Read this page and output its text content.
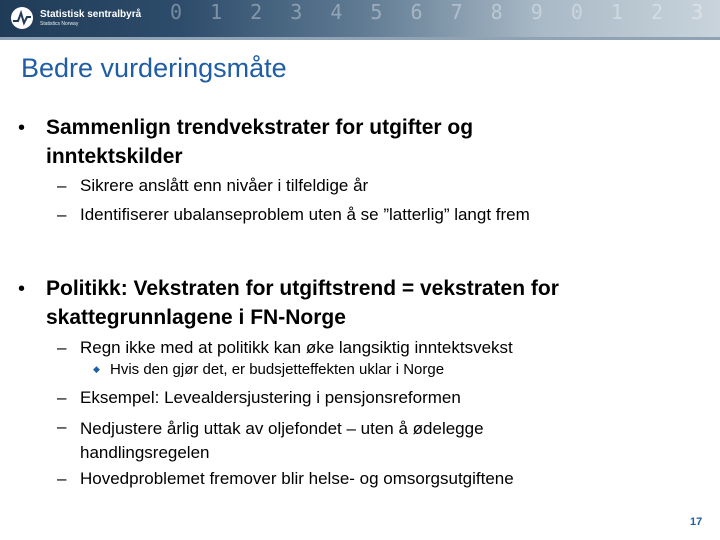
0 1 2 3 4 5 6 7 8 9 0 1 2 3
Statistisk sentralbyrå
Statistics Norway
Bedre vurderingsmåte
• Sammenlign trendvekstrater for utgifter og inntektskilder
– Sikrere anslått enn nivåer i tilfeldige år
– Identifiserer ubalanseproblem uten å se ”latterlig” langt frem
• Politikk: Vekstraten for utgiftstrend = vekstraten for skattegrunnlagene i FN-Norge
– Regn ikke med at politikk kan øke langsiktig inntektsvekst
◆ Hvis den gjør det, er budsjetteffekten uklar i Norge
– Eksempel: Levealdersjustering i pensjonsreformen
– Nedjustere årlig uttak av oljefondet – uten å ødelegge handlingsregelen
– Hovedproblemet fremover blir helse- og omsorgsutgiftene
17
